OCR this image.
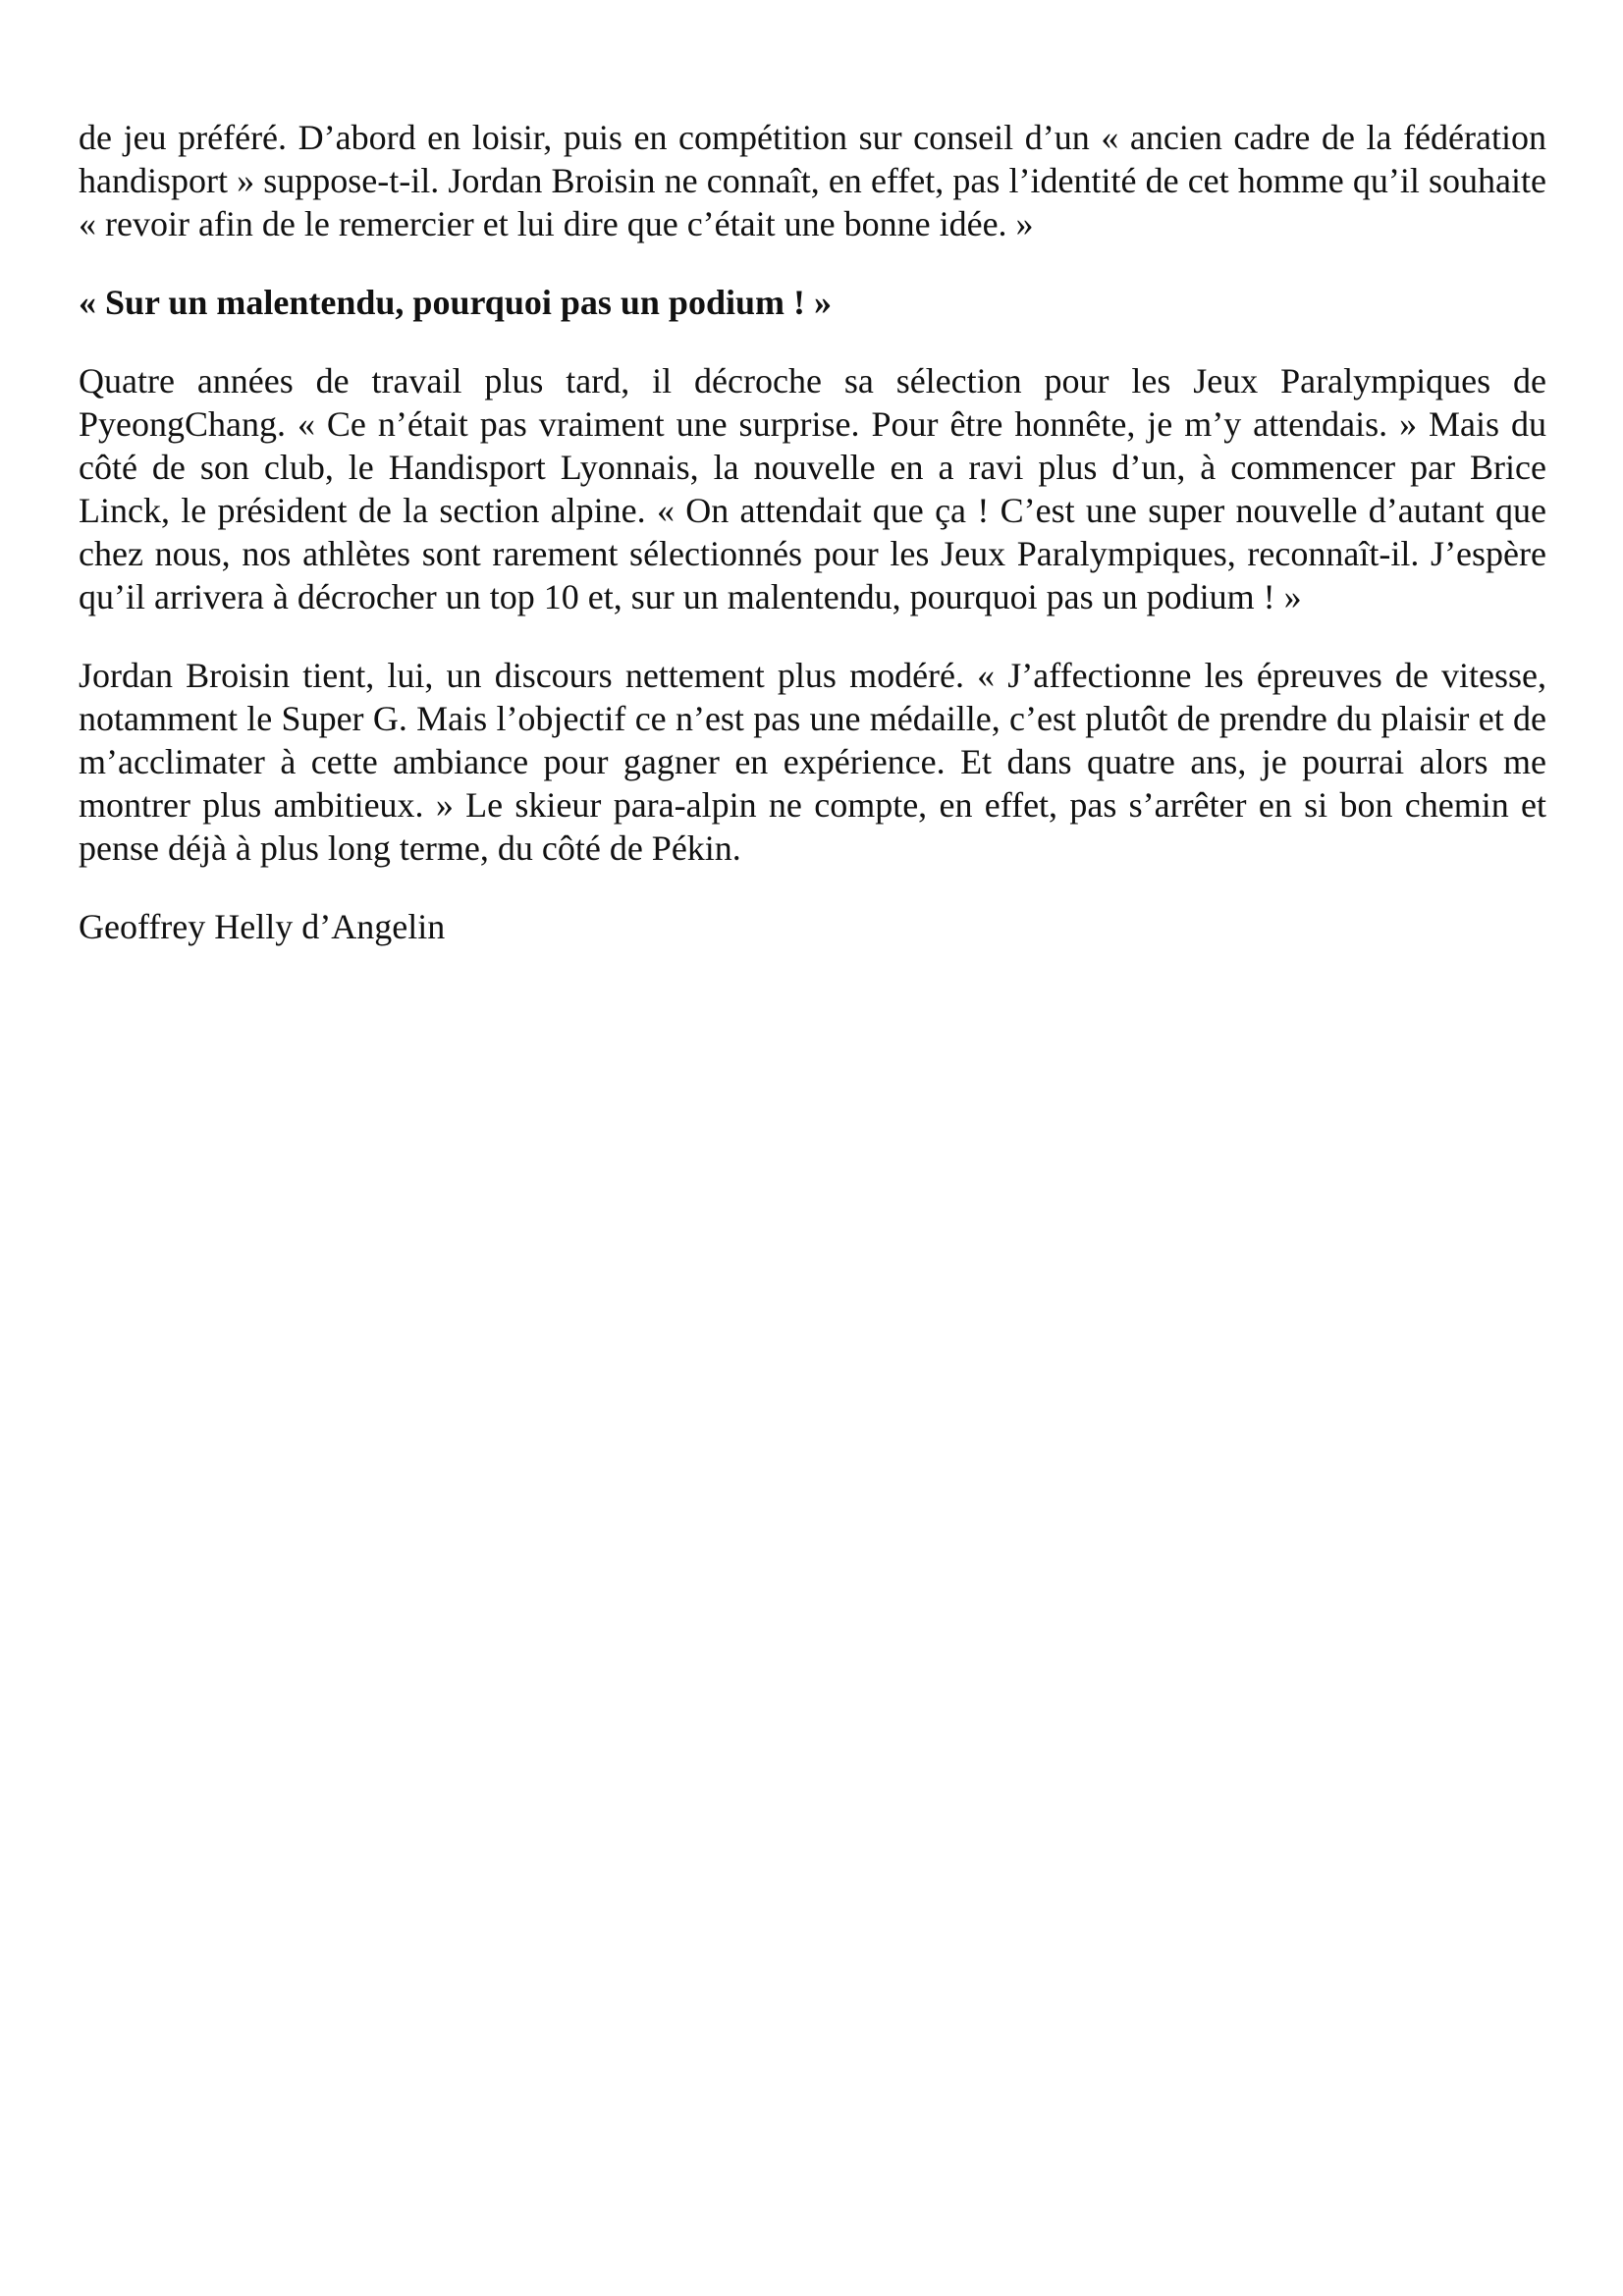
de jeu préféré. D’abord en loisir, puis en compétition sur conseil d’un « ancien cadre de la fédération handisport » suppose-t-il. Jordan Broisin ne connaît, en effet, pas l’identité de cet homme qu’il souhaite « revoir afin de le remercier et lui dire que c’était une bonne idée. »

« Sur un malentendu, pourquoi pas un podium ! »

Quatre années de travail plus tard, il décroche sa sélection pour les Jeux Paralympiques de PyeongChang. « Ce n’était pas vraiment une surprise. Pour être honnête, je m’y attendais. » Mais du côté de son club, le Handisport Lyonnais, la nouvelle en a ravi plus d’un, à commencer par Brice Linck, le président de la section alpine. « On attendait que ça ! C’est une super nouvelle d’autant que chez nous, nos athlètes sont rarement sélectionnés pour les Jeux Paralympiques, reconnaît-il. J’espère qu’il arrivera à décrocher un top 10 et, sur un malentendu, pourquoi pas un podium ! »

Jordan Broisin tient, lui, un discours nettement plus modéré. « J’affectionne les épreuves de vitesse, notamment le Super G. Mais l’objectif ce n’est pas une médaille, c’est plutôt de prendre du plaisir et de m’acclimater à cette ambiance pour gagner en expérience. Et dans quatre ans, je pourrai alors me montrer plus ambitieux. » Le skieur para-alpin ne compte, en effet, pas s’arrêter en si bon chemin et pense déjà à plus long terme, du côté de Pékin.

Geoffrey Helly d’Angelin
